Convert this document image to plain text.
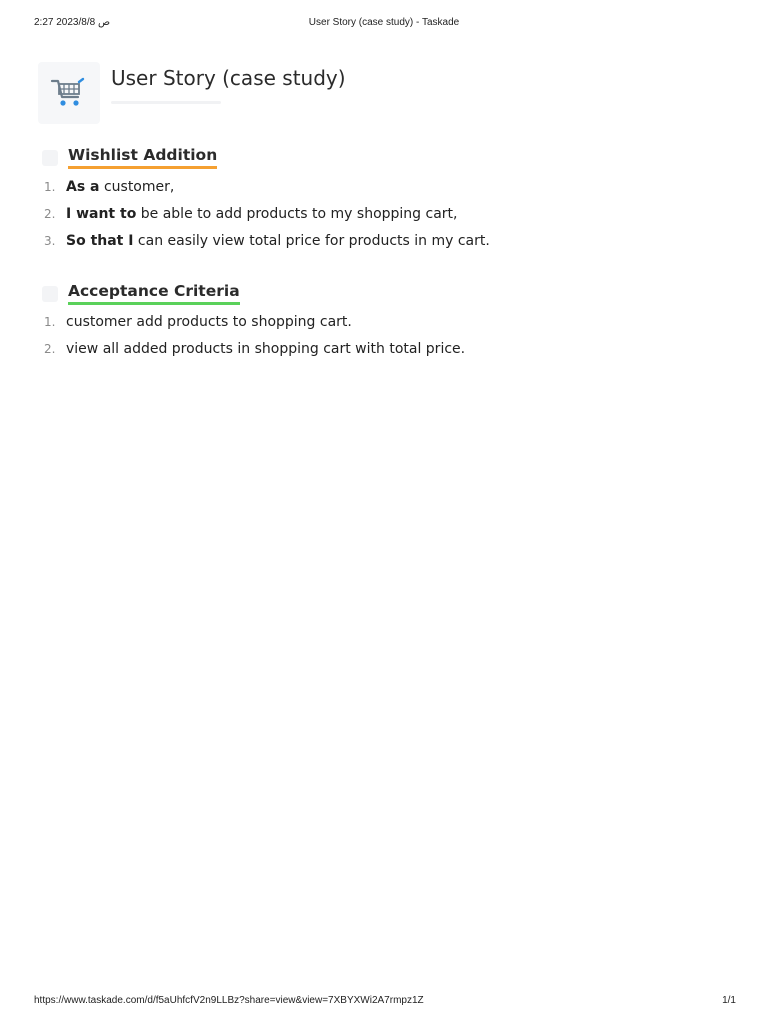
2:27 2023/8/8 ص	User Story (case study) - Taskade
User Story (case study)
Wishlist Addition
1. As a customer,
2. I want to be able to add products to my shopping cart,
3. So that I can easily view total price for products in my cart.
Acceptance Criteria
1. customer add products to shopping cart.
2. view all added products in shopping cart with total price.
https://www.taskade.com/d/f5aUhfcfV2n9LLBz?share=view&view=7XBYXWi2A7rmpz1Z	1/1
